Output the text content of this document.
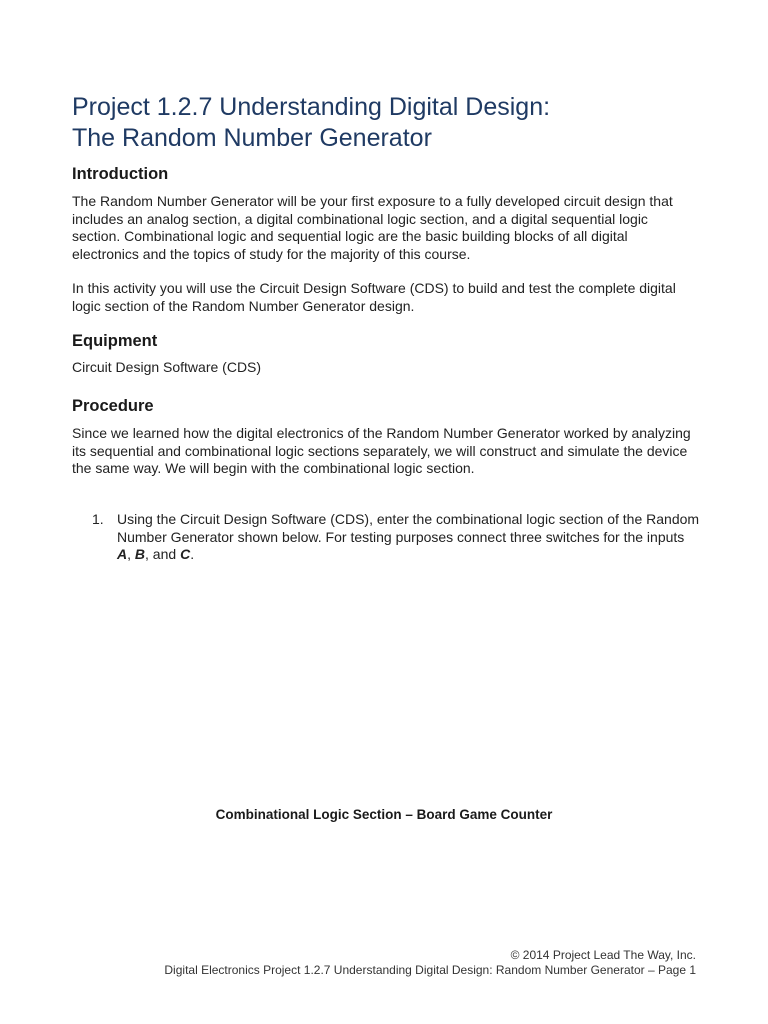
Project 1.2.7 Understanding Digital Design:
The Random Number Generator
Introduction

The Random Number Generator will be your first exposure to a fully developed circuit design that includes an analog section, a digital combinational logic section, and a digital sequential logic section. Combinational logic and sequential logic are the basic building blocks of all digital electronics and the topics of study for the majority of this course.

In this activity you will use the Circuit Design Software (CDS) to build and test the complete digital logic section of the Random Number Generator design.

Equipment

Circuit Design Software (CDS)

Procedure

Since we learned how the digital electronics of the Random Number Generator worked by analyzing its sequential and combinational logic sections separately, we will construct and simulate the device the same way. We will begin with the combinational logic section.

1. Using the Circuit Design Software (CDS), enter the combinational logic section of the Random Number Generator shown below. For testing purposes connect three switches for the inputs A, B, and C.
Combinational Logic Section – Board Game Counter
© 2014 Project Lead The Way, Inc.
Digital Electronics Project 1.2.7 Understanding Digital Design: Random Number Generator – Page 1
